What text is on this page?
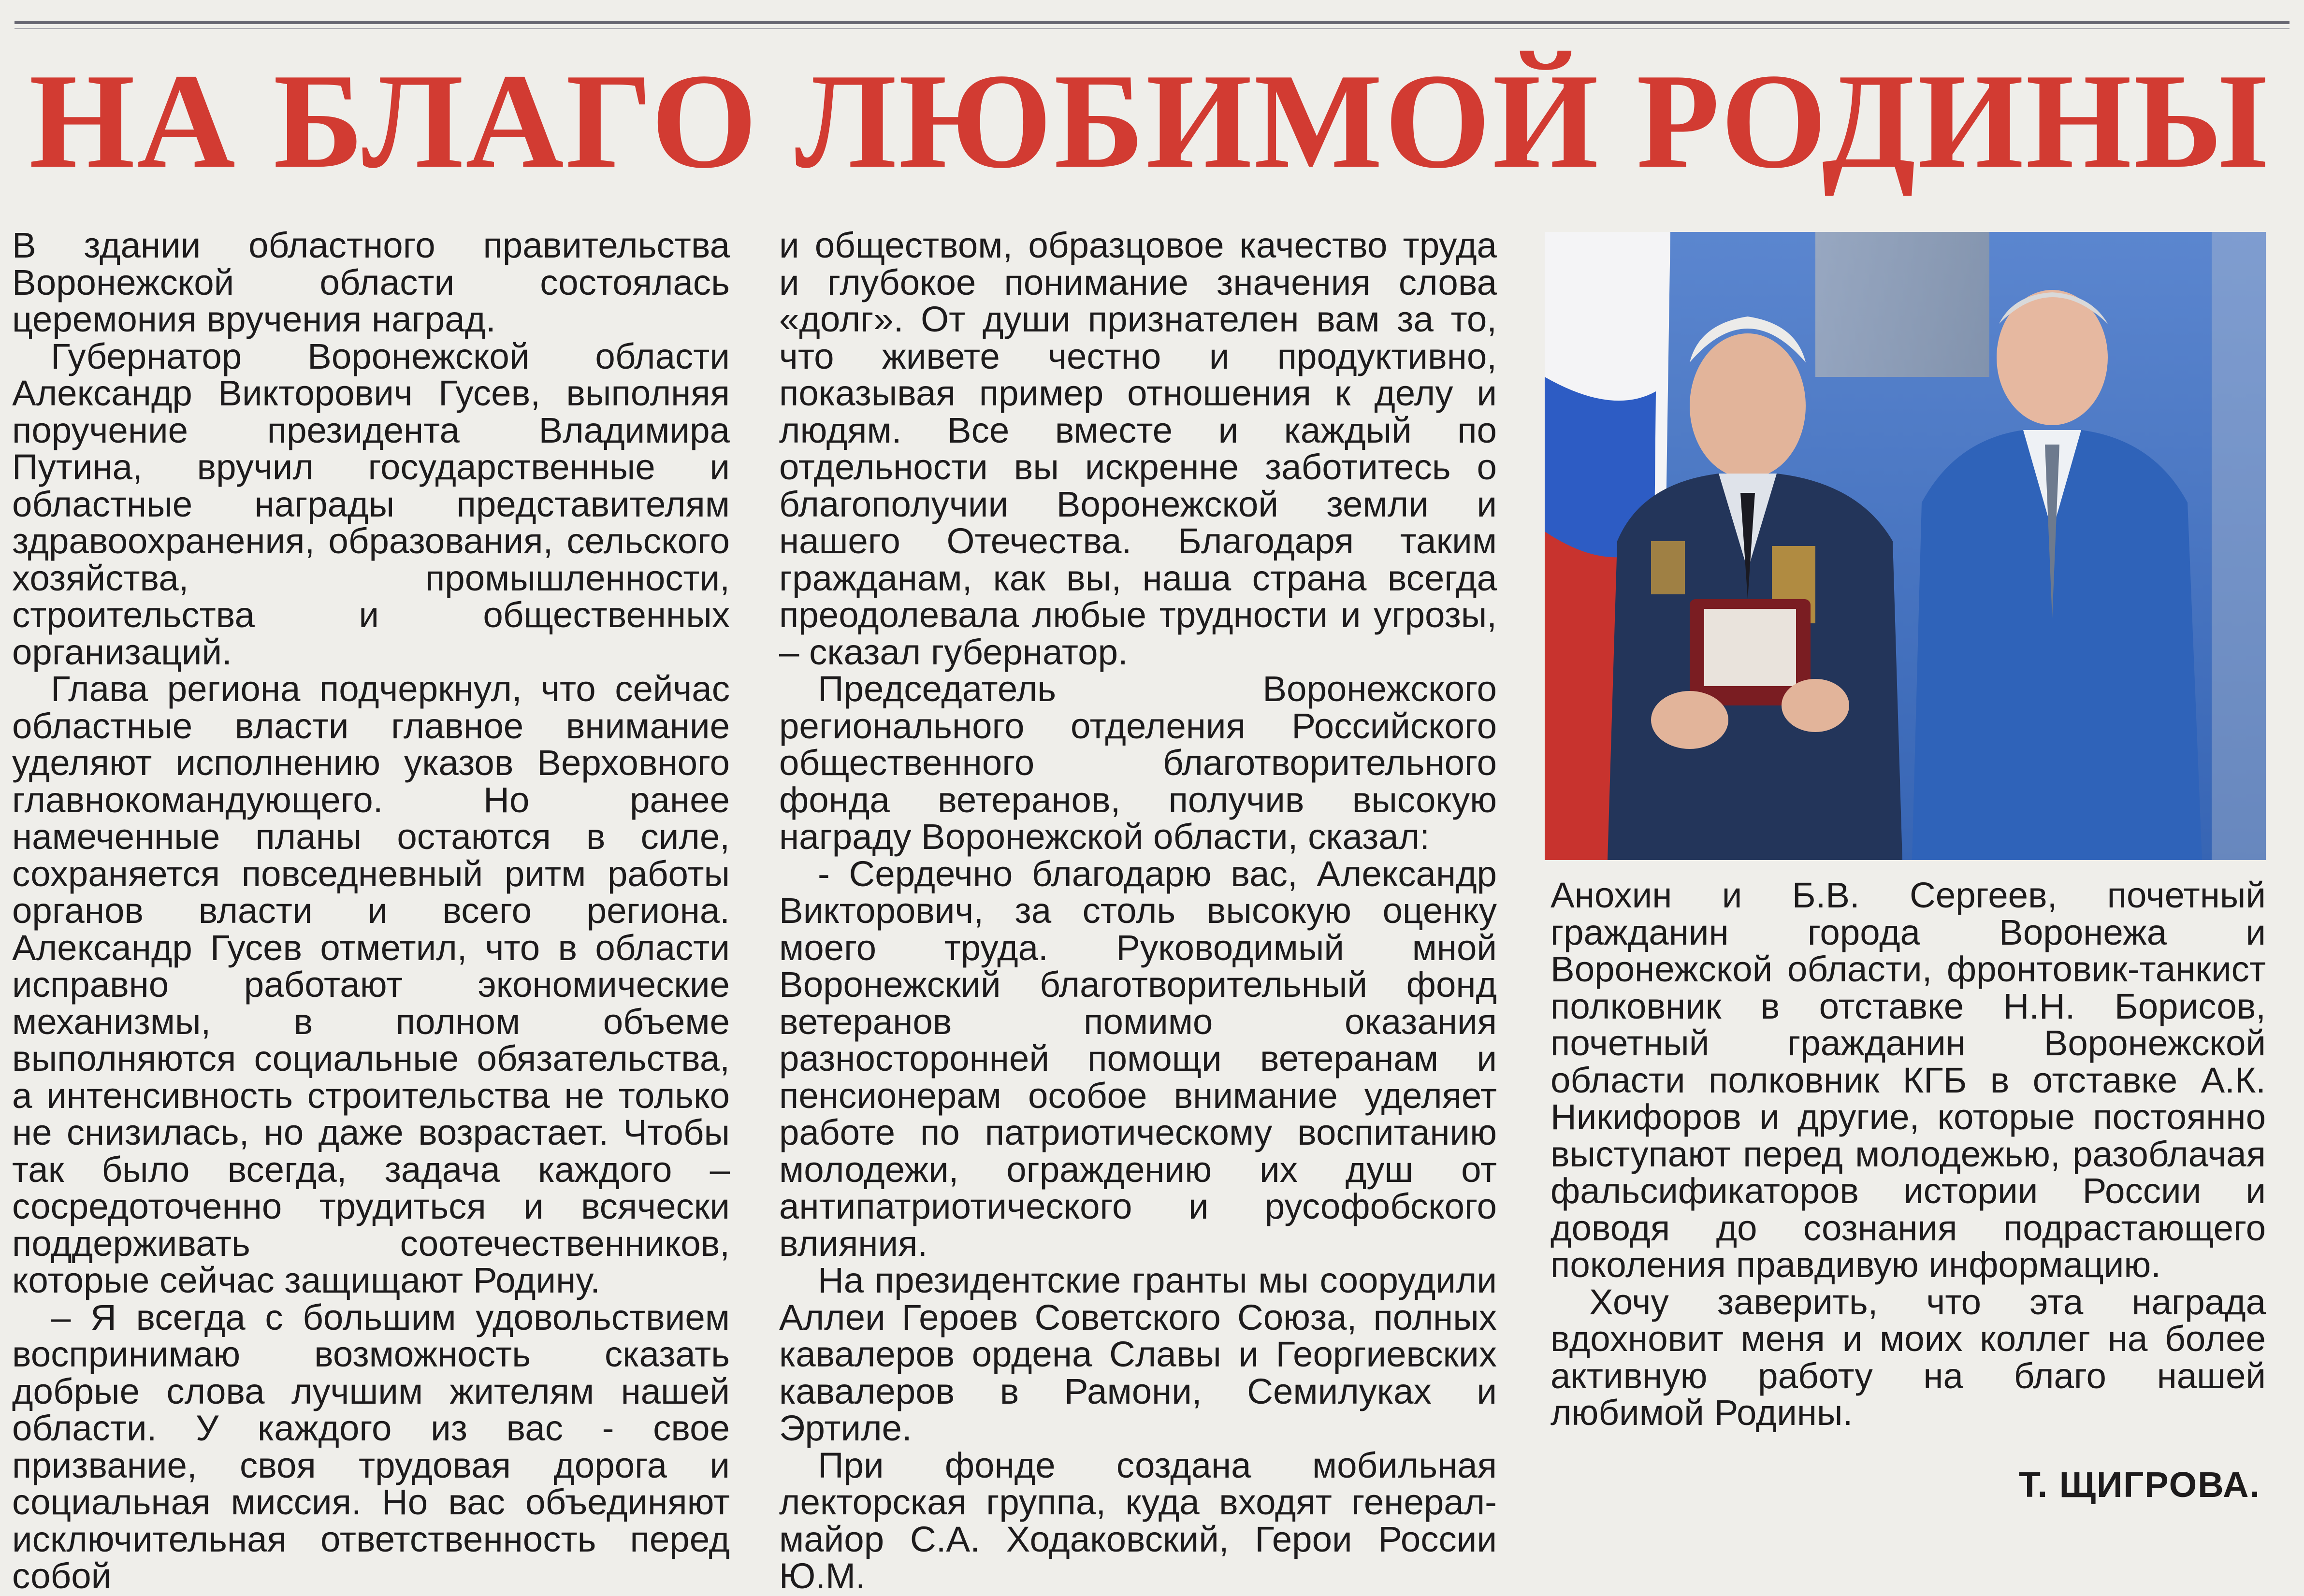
НА БЛАГО ЛЮБИМОЙ РОДИНЫ

В здании областного правительства Воронежской области состоялась церемония вручения наград.

Губернатор Воронежской области Александр Викторович Гусев, выполняя поручение президента Владимира Путина, вручил государственные и областные награды представителям здравоохранения, образования, сельского хозяйства, промышленности, строительства и общественных организаций.

Глава региона подчеркнул, что сейчас областные власти главное внимание уделяют исполнению указов Верховного главнокомандующего. Но ранее намеченные планы остаются в силе, сохраняется повседневный ритм работы органов власти и всего региона. Александр Гусев отметил, что в области исправно работают экономические механизмы, в полном объеме выполняются социальные обязательства, а интенсивность строительства не только не снизилась, но даже возрастает. Чтобы так было всегда, задача каждого – сосредоточенно трудиться и всячески поддерживать соотечественников, которые сейчас защищают Родину.

– Я всегда с большим удовольствием воспринимаю возможность сказать добрые слова лучшим жителям нашей области. У каждого из вас - свое призвание, своя трудовая дорога и социальная миссия. Но вас объединяют исключительная ответственность перед собой

и обществом, образцовое качество труда и глубокое понимание значения слова «долг». От души признателен вам за то, что живете честно и продуктивно, показывая пример отношения к делу и людям. Все вместе и каждый по отдельности вы искренне заботитесь о благополучии Воронежской земли и нашего Отечества. Благодаря таким гражданам, как вы, наша страна всегда преодолевала любые трудности и угрозы, – сказал губернатор.

Председатель Воронежского регионального отделения Российского общественного благотворительного фонда ветеранов, получив высокую награду Воронежской области, сказал:

- Сердечно благодарю вас, Александр Викторович, за столь высокую оценку моего труда. Руководимый мной Воронежский благотворительный фонд ветеранов помимо оказания разносторонней помощи ветеранам и пенсионерам особое внимание уделяет работе по патриотическому воспитанию молодежи, ограждению их душ от антипатриотического и русофобского влияния.

На президентские гранты мы соорудили Аллеи Героев Советского Союза, полных кавалеров ордена Славы и Георгиевских кавалеров в Рамони, Семилуках и Эртиле.

При фонде создана мобильная лекторская группа, куда входят генерал-майор С.А. Ходаковский, Герои России Ю.М.

Анохин и Б.В. Сергеев, почетный гражданин города Воронежа и Воронежской области, фронтовик-танкист полковник в отставке Н.Н. Борисов, почетный гражданин Воронежской области полковник КГБ в отставке А.К. Никифоров и другие, которые постоянно выступают перед молодежью, разоблачая фальсификаторов истории России и доводя до сознания подрастающего поколения правдивую информацию.

Хочу заверить, что эта награда вдохновит меня и моих коллег на более активную работу на благо нашей любимой Родины.

Т. ЩИГРОВА.
